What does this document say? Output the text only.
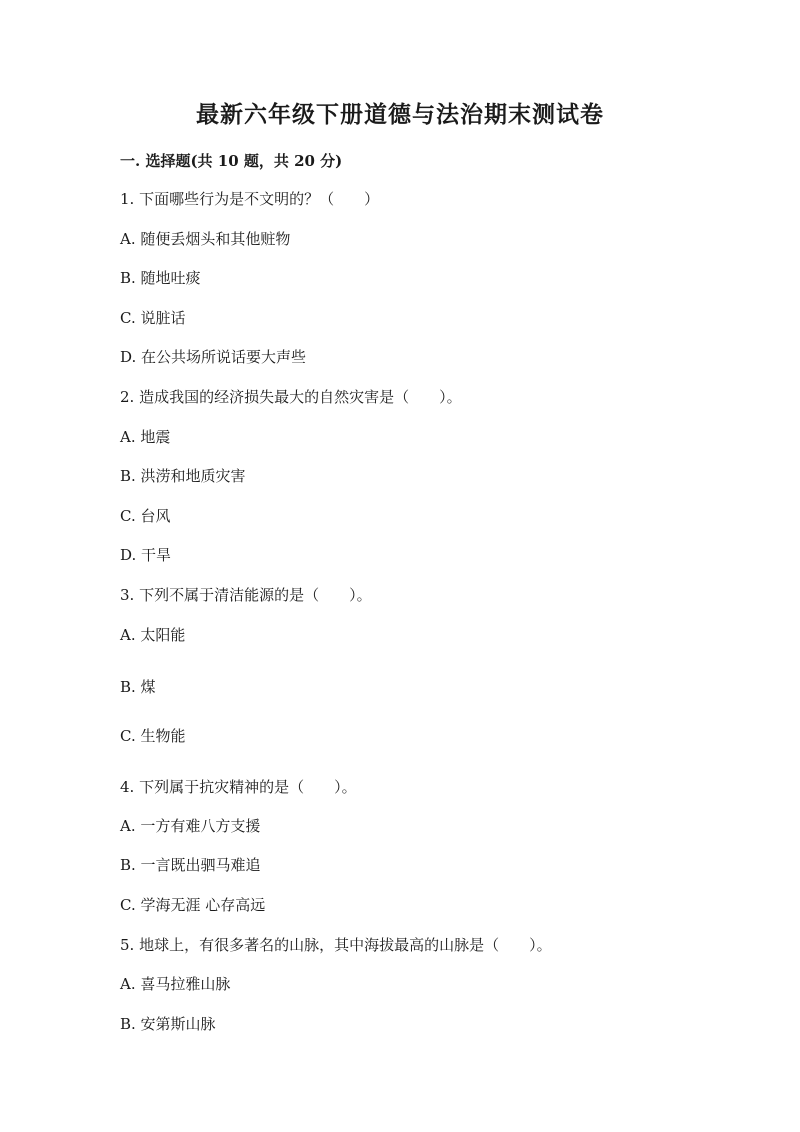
最新六年级下册道德与法治期末测试卷
一. 选择题(共 10 题，共 20 分)
1. 下面哪些行为是不文明的？（　　）
A. 随便丢烟头和其他赃物
B. 随地吐痰
C. 说脏话
D. 在公共场所说话要大声些
2. 造成我国的经济损失最大的自然灾害是（　　）。
A. 地震
B. 洪涝和地质灾害
C. 台风
D. 干旱
3. 下列不属于清洁能源的是（　　）。
A. 太阳能
B. 煤
C. 生物能
4. 下列属于抗灾精神的是（　　）。
A. 一方有难八方支援
B. 一言既出驷马难追
C. 学海无涯 心存高远
5. 地球上，有很多著名的山脉，其中海拔最高的山脉是（　　）。
A. 喜马拉雅山脉
B. 安第斯山脉
